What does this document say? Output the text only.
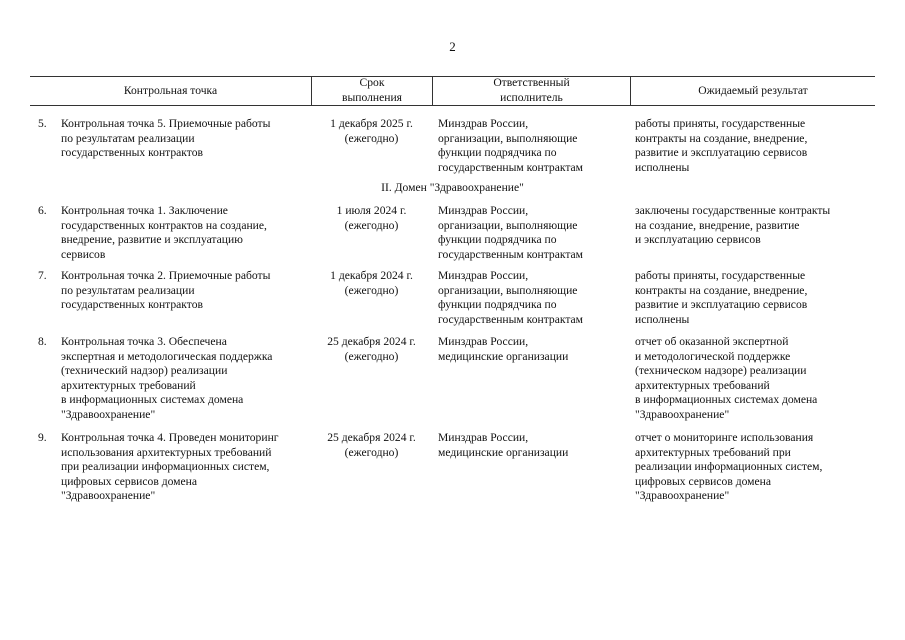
2
Контрольная точка
Срок
выполнения
Ответственный
исполнитель
Ожидаемый результат
5. Контрольная точка 5. Приемочные работы
по результатам реализации
государственных контрактов
1 декабря 2025 г.
(ежегодно)
Минздрав России,
организации, выполняющие
функции подрядчика по
государственным контрактам
работы приняты, государственные
контракты на создание, внедрение,
развитие и эксплуатацию сервисов
исполнены
II. Домен "Здравоохранение"
6. Контрольная точка 1. Заключение
государственных контрактов на создание,
внедрение, развитие и эксплуатацию
сервисов
1 июля 2024 г.
(ежегодно)
Минздрав России,
организации, выполняющие
функции подрядчика по
государственным контрактам
заключены государственные контракты
на создание, внедрение, развитие
и эксплуатацию сервисов
7. Контрольная точка 2. Приемочные работы
по результатам реализации
государственных контрактов
1 декабря 2024 г.
(ежегодно)
Минздрав России,
организации, выполняющие
функции подрядчика по
государственным контрактам
работы приняты, государственные
контракты на создание, внедрение,
развитие и эксплуатацию сервисов
исполнены
8. Контрольная точка 3. Обеспечена
экспертная и методологическая поддержка
(технический надзор) реализации
архитектурных требований
в информационных системах домена
"Здравоохранение"
25 декабря 2024 г.
(ежегодно)
Минздрав России,
медицинские организации
отчет об оказанной экспертной
и методологической поддержке
(техническом надзоре) реализации
архитектурных требований
в информационных системах домена
"Здравоохранение"
9. Контрольная точка 4. Проведен мониторинг
использования архитектурных требований
при реализации информационных систем,
цифровых сервисов домена
"Здравоохранение"
25 декабря 2024 г.
(ежегодно)
Минздрав России,
медицинские организации
отчет о мониторинге использования
архитектурных требований при
реализации информационных систем,
цифровых сервисов домена
"Здравоохранение"
